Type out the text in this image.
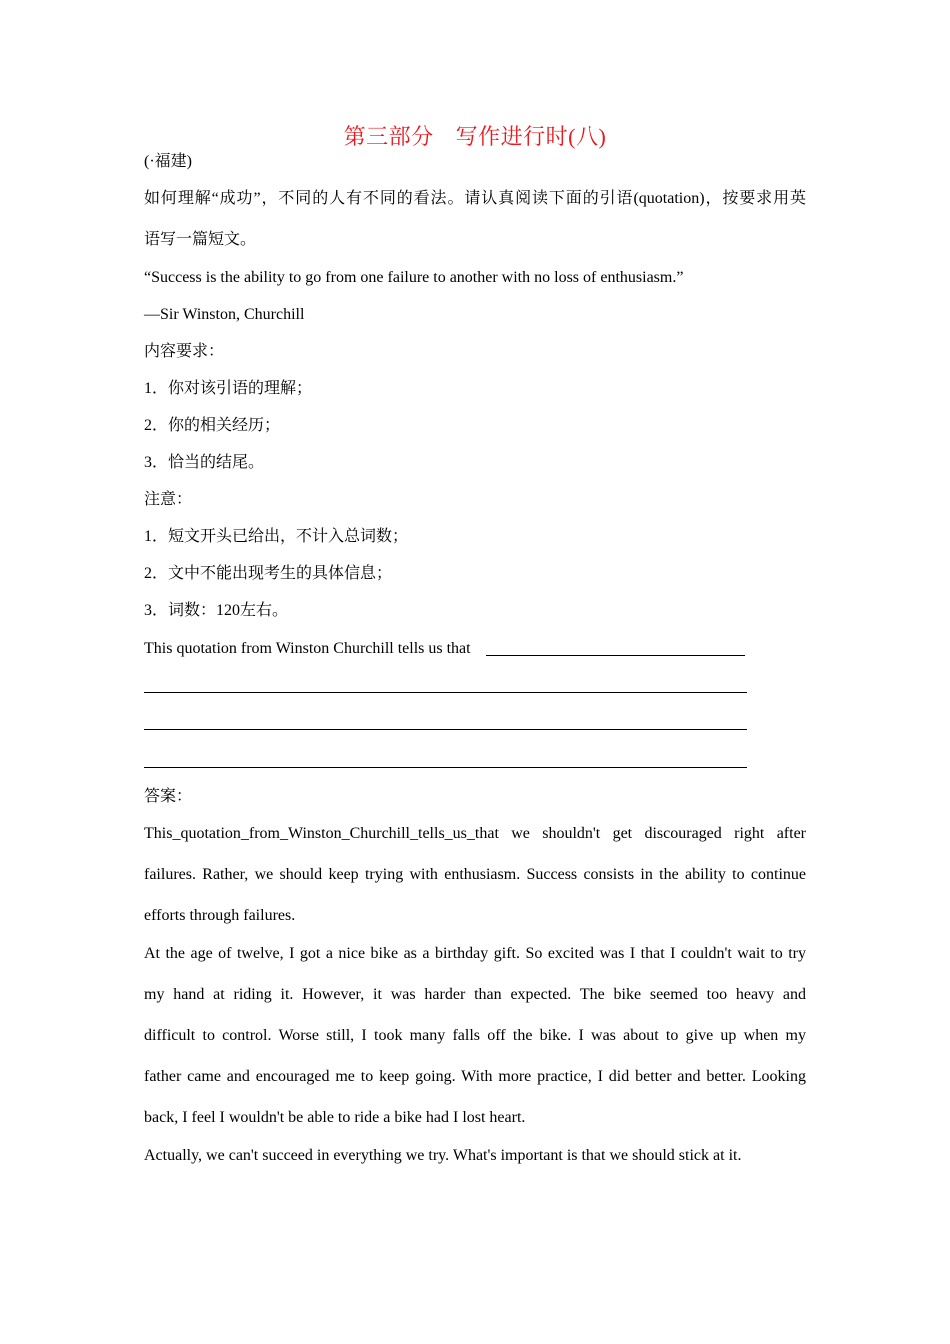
第三部分 写作进行时(八)
(·福建)
如何理解“成功”，不同的人有不同的看法。请认真阅读下面的引语(quotation)，按要求用英
语写一篇短文。
“Success is the ability to go from one failure to another with no loss of enthusiasm.”
—Sir Winston, Churchill
内容要求：
1．你对该引语的理解；
2．你的相关经历；
3．恰当的结尾。
注意：
1．短文开头已给出，不计入总词数；
2．文中不能出现考生的具体信息；
3．词数：120左右。
This quotation from Winston Churchill tells us that
答案：
This_quotation_from_Winston_Churchill_tells_us_that we shouldn't get discouraged right after
failures. Rather, we should keep trying with enthusiasm. Success consists in the ability to continue
efforts through failures.
At the age of twelve, I got a nice bike as a birthday gift. So excited was I that I couldn't wait to try
my hand at riding it. However, it was harder than expected. The bike seemed too heavy and
difficult to control. Worse still, I took many falls off the bike. I was about to give up when my
father came and encouraged me to keep going. With more practice, I did better and better. Looking
back, I feel I wouldn't be able to ride a bike had I lost heart.
Actually, we can't succeed in everything we try. What's important is that we should stick at it.
